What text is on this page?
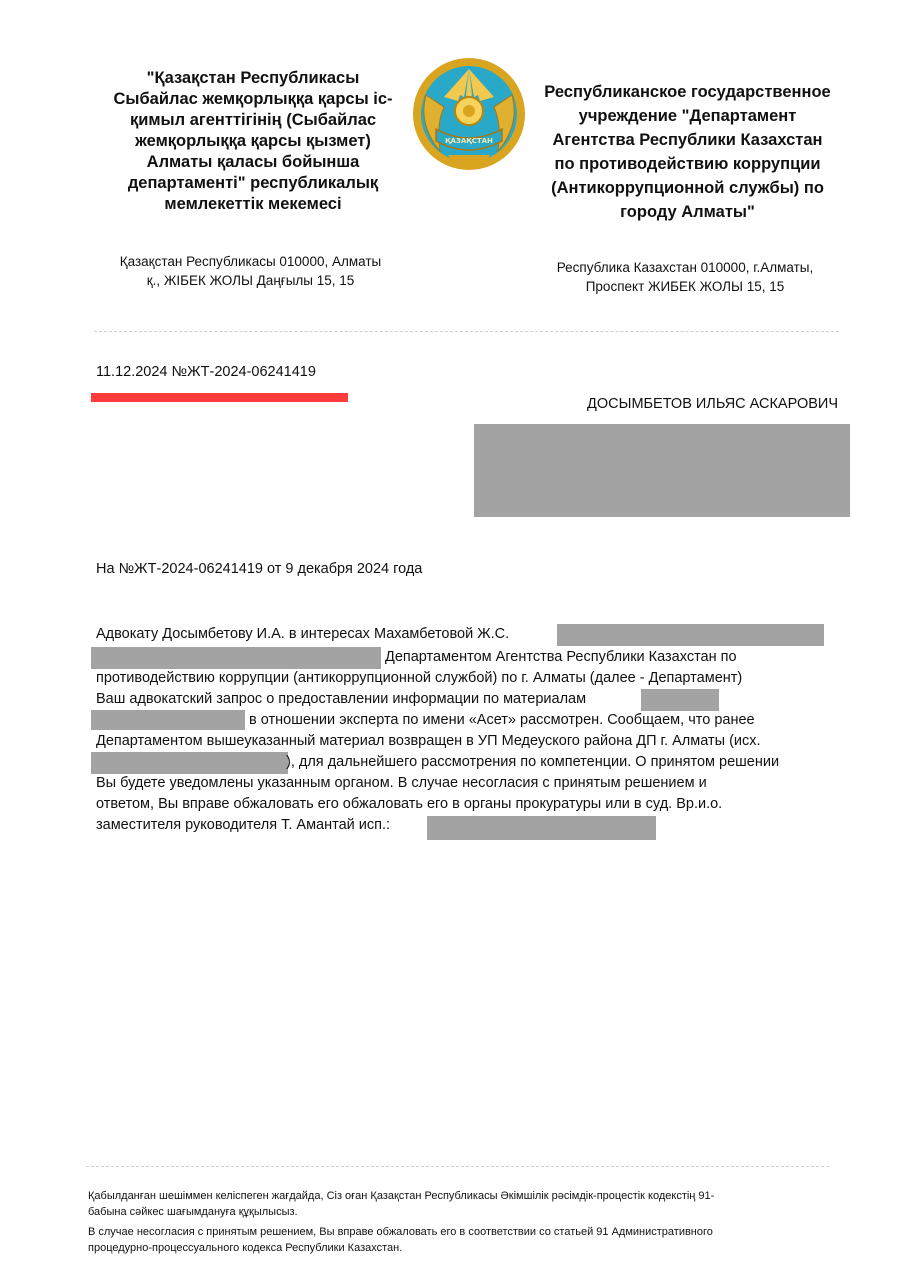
"Қазақстан Республикасы
Сыбайлас жемқорлыққа қарсы іс-
қимыл агенттігінің (Сыбайлас
жемқорлыққа қарсы қызмет)
Алматы қаласы бойынша
департаменті" республикалық
мемлекеттік мекемесі
ҚАЗАҚСТАН
Республиканское государственное
учреждение "Департамент
Агентства Республики Казахстан
по противодействию коррупции
(Антикоррупционной службы) по
городу Алматы"
Қазақстан Республикасы 010000, Алматы
қ., ЖІБЕК ЖОЛЫ Даңғылы 15, 15
Республика Казахстан 010000, г.Алматы,
Проспект ЖИБЕК ЖОЛЫ 15, 15
11.12.2024 №ЖТ-2024-06241419
ДОСЫМБЕТОВ ИЛЬЯС АСКАРОВИЧ
На №ЖТ-2024-06241419 от 9 декабря 2024 года
Адвокату Досымбетову И.А. в интересах Махамбетовой Ж.С.
Департаментом Агентства Республики Казахстан по
противодействию коррупции (антикоррупционной службой) по г. Алматы (далее - Департамент)
Ваш адвокатский запрос о предоставлении информации по материалам
в отношении эксперта по имени «Асет» рассмотрен. Сообщаем, что ранее
Департаментом вышеуказанный материал возвращен в УП Медеуского района ДП г. Алматы (исх.
), для дальнейшего рассмотрения по компетенции. О принятом решении
Вы будете уведомлены указанным органом. В случае несогласия с принятым решением и
ответом, Вы вправе обжаловать его обжаловать его в органы прокуратуры или в суд. Вр.и.о.
заместителя руководителя Т. Амантай исп.:
Қабылданған шешіммен келіспеген жағдайда, Сіз оған Қазақстан Республикасы Әкімшілік рәсімдік-процестік кодекстің 91-
бабына сәйкес шағымдануға құқылысыз.
В случае несогласия с принятым решением, Вы вправе обжаловать его в соответствии со статьей 91 Административного
процедурно-процессуального кодекса Республики Казахстан.
